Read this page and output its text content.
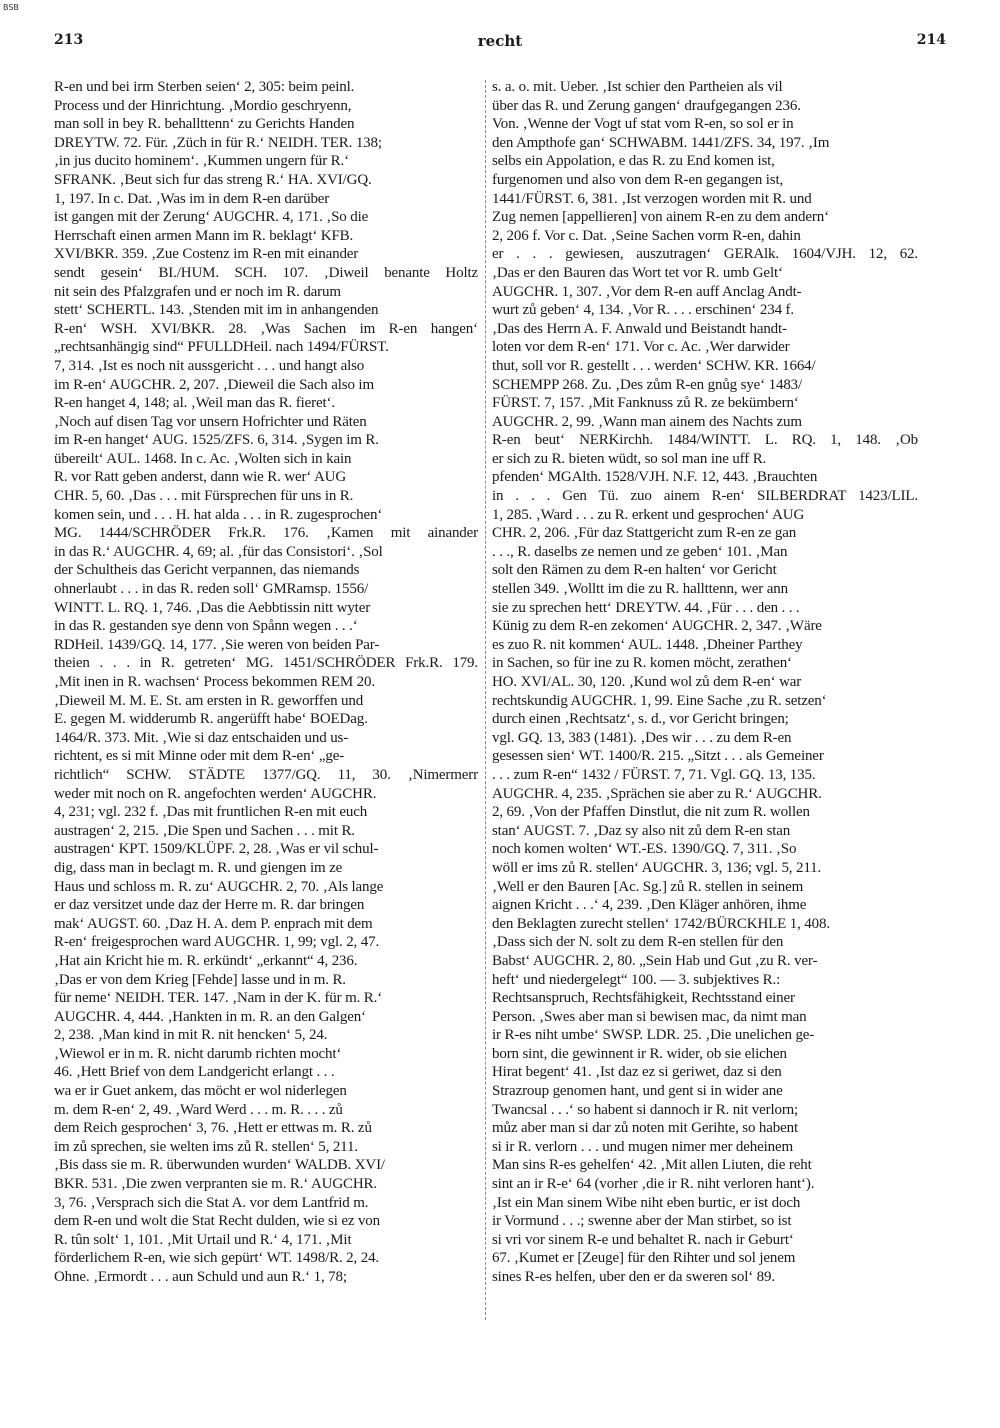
BSB
213	recht	214
R-en und bei irm Sterben seien‘ 2, 305: beim peinl.
Process und der Hinrichtung. ‚Mordio geschryenn,
man soll in bey R. behallttenn‘ zu Gerichts Handen
DREYTW. 72. Für. ‚Züch in für R.‘ NEIDH. TER. 138;
‚in jus ducito hominem‘. ‚Kummen ungern für R.‘
SFRANK. ‚Beut sich fur das streng R.‘ HA. XVI/GQ.
1, 197. In c. Dat. ‚Was im in dem R-en darüber
ist gangen mit der Zerung‘ AUGCHR. 4, 171. ‚So die
Herrschaft einen armen Mann im R. beklagt‘ KFB.
XVI/BKR. 359. ‚Zue Costenz im R-en mit einander
sendt gesein‘ BI./HUM. SCH. 107. ‚Diweil benante Holtz
nit sein des Pfalzgrafen und er noch im R. darum
stett‘ SCHERTL. 143. ‚Stenden mit im in anhangenden
R-en‘ WSH. XVI/BKR. 28. ‚Was Sachen im R-en hangen‘
„rechtsanhängig sind“ PFULLDHeil. nach 1494/FÜRST.
7, 314. ‚Ist es noch nit aussgericht . . . und hangt also
im R-en‘ AUGCHR. 2, 207. ‚Dieweil die Sach also im
R-en hanget 4, 148; al. ‚Weil man das R. fieret‘.
‚Noch auf disen Tag vor unsern Hofrichter und Räten
im R-en hanget‘ AUG. 1525/ZFS. 6, 314. ‚Sygen im R.
übereilt‘ AUL. 1468. In c. Ac. ‚Wolten sich in kain
R. vor Ratt geben anderst, dann wie R. wer‘ AUG
CHR. 5, 60. ‚Das . . . mit Fürsprechen für uns in R.
komen sein, und . . . H. hat alda . . . in R. zugesprochen‘
MG. 1444/SCHRÖDER Frk.R. 176. ‚Kamen mit ainander
in das R.‘ AUGCHR. 4, 69; al. ‚für das Consistori‘. ‚Sol
der Schultheis das Gericht verpannen, das niemands
ohnerlaubt . . . in das R. reden soll‘ GMRamsp. 1556/
WINTT. L. RQ. 1, 746. ‚Das die Aebbtissin nitt wyter
in das R. gestanden sye denn von Spånn wegen . . .‘
RDHeil. 1439/GQ. 14, 177. ‚Sie weren von beiden Par-
theien . . . in R. getreten‘ MG. 1451/SCHRÖDER Frk.R. 179.
‚Mit inen in R. wachsen‘ Process bekommen REM 20.
‚Dieweil M. M. E. St. am ersten in R. geworffen und
E. gegen M. widderumb R. angerüfft habe‘ BOEDag.
1464/R. 373. Mit. ‚Wie si daz entschaiden und us-
richtent, es si mit Minne oder mit dem R-en‘ „ge-
richtlich“ SCHW. STÄDTE 1377/GQ. 11, 30. ‚Nimermerr
weder mit noch on R. angefochten werden‘ AUGCHR.
4, 231; vgl. 232 f. ‚Das mit fruntlichen R-en mit euch
austragen‘ 2, 215. ‚Die Spen und Sachen . . . mit R.
austragen‘ KPT. 1509/KLÜPF. 2, 28. ‚Was er vil schul-
dig, dass man in beclagt m. R. und giengen im ze
Haus und schloss m. R. zu‘ AUGCHR. 2, 70. ‚Als lange
er daz versitzet unde daz der Herre m. R. dar bringen
mak‘ AUGST. 60. ‚Daz H. A. dem P. enprach mit dem
R-en‘ freigesprochen ward AUGCHR. 1, 99; vgl. 2, 47.
‚Hat ain Kricht hie m. R. erkündt‘ „erkannt“ 4, 236.
‚Das er von dem Krieg [Fehde] lasse und in m. R.
für neme‘ NEIDH. TER. 147. ‚Nam in der K. für m. R.‘
AUGCHR. 4, 444. ‚Hankten in m. R. an den Galgen‘
2, 238. ‚Man kind in mit R. nit hencken‘ 5, 24.
‚Wiewol er in m. R. nicht darumb richten mocht‘
46. ‚Hett Brief von dem Landgericht erlangt . . .
wa er ir Guet ankem, das möcht er wol niderlegen
m. dem R-en‘ 2, 49. ‚Ward Werd . . . m. R. . . . zů
dem Reich gesprochen‘ 3, 76. ‚Hett er ettwas m. R. zů
im zů sprechen, sie welten ims zů R. stellen‘ 5, 211.
‚Bis dass sie m. R. überwunden wurden‘ WALDB. XVI/
BKR. 531. ‚Die zwen verpranten sie m. R.‘ AUGCHR.
3, 76. ‚Versprach sich die Stat A. vor dem Lantfrid m.
dem R-en und wolt die Stat Recht dulden, wie si ez von
R. tûn solt‘ 1, 101. ‚Mit Urtail und R.‘ 4, 171. ‚Mit
förderlichem R-en, wie sich gepürt‘ WT. 1498/R. 2, 24.
Ohne. ‚Ermordt . . . aun Schuld und aun R.‘ 1, 78;
s. a. o. mit. Ueber. ‚Ist schier den Partheien als vil
über das R. und Zerung gangen‘ draufgegangen 236.
Von. ‚Wenne der Vogt uf stat vom R-en, so sol er in
den Ampthofe gan‘ SCHWABM. 1441/ZFS. 34, 197. ‚Im
selbs ein Appolation, e das R. zu End komen ist,
furgenomen und also von dem R-en gegangen ist,
1441/FÜRST. 6, 381. ‚Ist verzogen worden mit R. und
Zug nemen [appellieren] von ainem R-en zu dem andern‘
2, 206 f. Vor c. Dat. ‚Seine Sachen vorm R-en, dahin
er . . . gewiesen, auszutragen‘ GERAlk. 1604/VJH. 12, 62.
‚Das er den Bauren das Wort tet vor R. umb Gelt‘
AUGCHR. 1, 307. ‚Vor dem R-en auff Anclag Andt-
wurt zů geben‘ 4, 134. ‚Vor R. . . . erschinen‘ 234 f.
‚Das des Herrn A. F. Anwald und Beistandt handt-
loten vor dem R-en‘ 171. Vor c. Ac. ‚Wer darwider
thut, soll vor R. gestellt . . . werden‘ SCHW. KR. 1664/
SCHEMPP 268. Zu. ‚Des zům R-en gnůg sye‘ 1483/
FÜRST. 7, 157. ‚Mit Fanknuss zů R. ze bekümbern‘
AUGCHR. 2, 99. ‚Wann man ainem des Nachts zum
R-en beut‘ NERKirchh. 1484/WINTT. L. RQ. 1, 148. ‚Ob
er sich zu R. bieten wüdt, so sol man ine uff R.
pfenden‘ MGAlth. 1528/VJH. N.F. 12, 443. ‚Brauchten
in . . . Gen Tü. zuo ainem R-en‘ SILBERDRAT 1423/LIL.
1, 285. ‚Ward . . . zu R. erkent und gesprochen‘ AUG
CHR. 2, 206. ‚Für daz Stattgericht zum R-en ze gan
. . ., R. daselbs ze nemen und ze geben‘ 101. ‚Man
solt den Rämen zu dem R-en halten‘ vor Gericht
stellen 349. ‚Wolltt im die zu R. hallttenn, wer ann
sie zu sprechen hett‘ DREYTW. 44. ‚Für . . . den . . .
Künig zu dem R-en zekomen‘ AUGCHR. 2, 347. ‚Wäre
es zuo R. nit kommen‘ AUL. 1448. ‚Dheiner Parthey
in Sachen, so für ine zu R. komen möcht, zerathen‘
HO. XVI/AL. 30, 120. ‚Kund wol zů dem R-en‘ war
rechtskundig AUGCHR. 1, 99. Eine Sache ‚zu R. setzen‘
durch einen ‚Rechtsatz‘, s. d., vor Gericht bringen;
vgl. GQ. 13, 383 (1481). ‚Des wir . . . zu dem R-en
gesessen sien‘ WT. 1400/R. 215. „Sitzt . . . als Gemeiner
. . . zum R-en“ 1432 / FÜRST. 7, 71. Vgl. GQ. 13, 135.
AUGCHR. 4, 235. ‚Sprächen sie aber zu R.‘ AUGCHR.
2, 69. ‚Von der Pfaffen Dinstlut, die nit zum R. wollen
stan‘ AUGST. 7. ‚Daz sy also nit zů dem R-en stan
noch komen wolten‘ WT.-ES. 1390/GQ. 7, 311. ‚So
wöll er ims zů R. stellen‘ AUGCHR. 3, 136; vgl. 5, 211.
‚Well er den Bauren [Ac. Sg.] zů R. stellen in seinem
aignen Kricht . . .‘ 4, 239. ‚Den Kläger anhören, ihme
den Beklagten zurecht stellen‘ 1742/BÜRCKHLE 1, 408.
‚Dass sich der N. solt zu dem R-en stellen für den
Babst‘ AUGCHR. 2, 80. „Sein Hab und Gut ‚zu R. ver-
heft‘ und niedergelegt“ 100. — 3. subjektives R.:
Rechtsanspruch, Rechtsfähigkeit, Rechtsstand einer
Person. ‚Swes aber man si bewisen mac, da nimt man
ir R-es niht umbe‘ SWSP. LDR. 25. ‚Die unelichen ge-
born sint, die gewinnent ir R. wider, ob sie elichen
Hirat begent‘ 41. ‚Ist daz ez si geriwet, daz si den
Strazroup genomen hant, und gent si in wider ane
Twancsal . . .‘ so habent si dannoch ir R. nit verlorn;
můz aber man si dar zů noten mit Gerihte, so habent
si ir R. verlorn . . . und mugen nimer mer deheinem
Man sins R-es gehelfen‘ 42. ‚Mit allen Liuten, die reht
sint an ir R-e‘ 64 (vorher ‚die ir R. niht verloren hant‘).
‚Ist ein Man sinem Wibe niht eben burtic, er ist doch
ir Vormund . . .; swenne aber der Man stirbet, so ist
si vri vor sinem R-e und behaltet R. nach ir Geburt‘
67. ‚Kumet er [Zeuge] für den Rihter und sol jenem
sines R-es helfen, uber den er da sweren sol‘ 89.
